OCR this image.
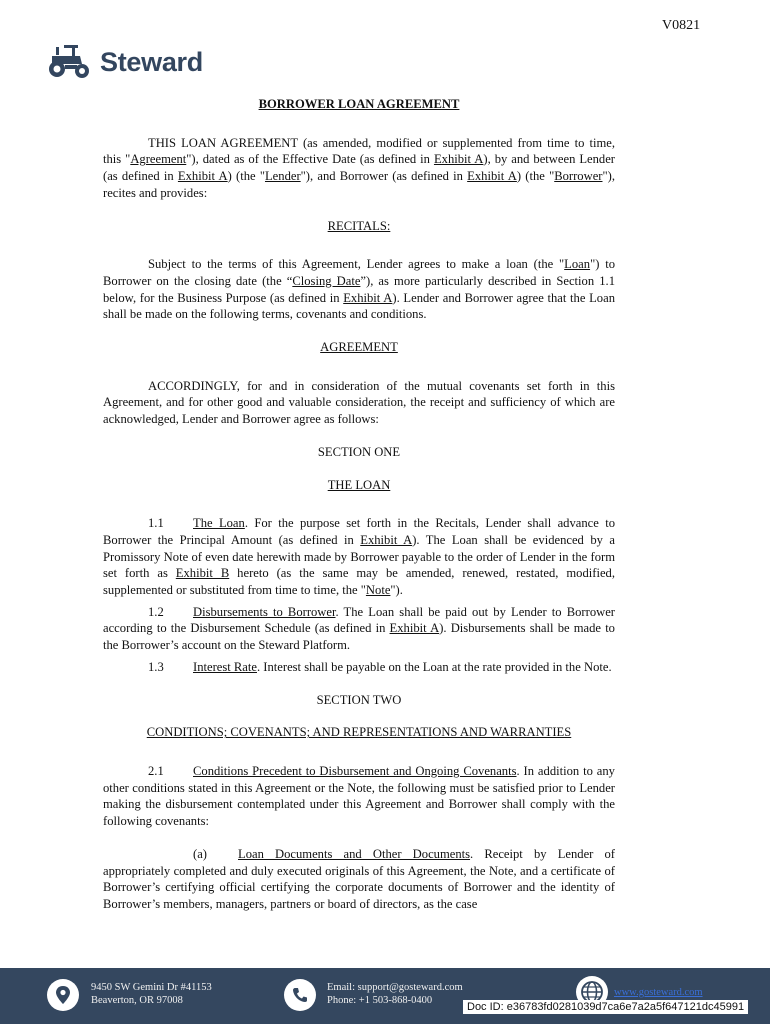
V0821
Steward

BORROWER LOAN AGREEMENT

THIS LOAN AGREEMENT (as amended, modified or supplemented from time to time, this "Agreement"), dated as of the Effective Date (as defined in Exhibit A), by and between Lender (as defined in Exhibit A) (the "Lender"), and Borrower (as defined in Exhibit A) (the "Borrower"), recites and provides:

RECITALS:

Subject to the terms of this Agreement, Lender agrees to make a loan (the "Loan") to Borrower on the closing date (the “Closing Date”), as more particularly described in Section 1.1 below, for the Business Purpose (as defined in Exhibit A). Lender and Borrower agree that the Loan shall be made on the following terms, covenants and conditions.

AGREEMENT

ACCORDINGLY, for and in consideration of the mutual covenants set forth in this Agreement, and for other good and valuable consideration, the receipt and sufficiency of which are acknowledged, Lender and Borrower agree as follows:

SECTION ONE

THE LOAN

1.1 The Loan. For the purpose set forth in the Recitals, Lender shall advance to Borrower the Principal Amount (as defined in Exhibit A). The Loan shall be evidenced by a Promissory Note of even date herewith made by Borrower payable to the order of Lender in the form set forth as Exhibit B hereto (as the same may be amended, renewed, restated, modified, supplemented or substituted from time to time, the "Note").

1.2 Disbursements to Borrower. The Loan shall be paid out by Lender to Borrower according to the Disbursement Schedule (as defined in Exhibit A). Disbursements shall be made to the Borrower’s account on the Steward Platform.

1.3 Interest Rate. Interest shall be payable on the Loan at the rate provided in the Note.

SECTION TWO

CONDITIONS; COVENANTS; AND REPRESENTATIONS AND WARRANTIES

2.1 Conditions Precedent to Disbursement and Ongoing Covenants. In addition to any other conditions stated in this Agreement or the Note, the following must be satisfied prior to Lender making the disbursement contemplated under this Agreement and Borrower shall comply with the following covenants:

(a) Loan Documents and Other Documents. Receipt by Lender of appropriately completed and duly executed originals of this Agreement, the Note, and a certificate of Borrower’s certifying official certifying the corporate documents of Borrower and the identity of Borrower’s members, managers, partners or board of directors, as the case

9450 SW Gemini Dr #41153
Beaverton, OR 97008
Email: support@gosteward.com
Phone: +1 503-868-0400
www.gosteward.com
Doc ID: e36783fd0281039d7ca6e7a2a5f647121dc45991
